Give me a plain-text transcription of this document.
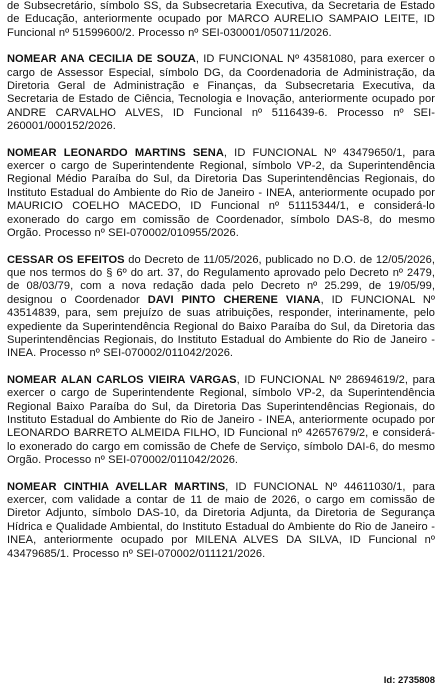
de Subsecretário, símbolo SS, da Subsecretaria Executiva, da Secretaria de Estado de Educação, anteriormente ocupado por MARCO AURELIO SAMPAIO LEITE, ID Funcional nº 51599600/2. Processo nº SEI-030001/050711/2026.

NOMEAR ANA CECILIA DE SOUZA, ID FUNCIONAL Nº 43581080, para exercer o cargo de Assessor Especial, símbolo DG, da Coordenadoria de Administração, da Diretoria Geral de Administração e Finanças, da Subsecretaria Executiva, da Secretaria de Estado de Ciência, Tecnologia e Inovação, anteriormente ocupado por ANDRE CARVALHO ALVES, ID Funcional nº 5116439-6. Processo nº SEI-260001/000152/2026.

NOMEAR LEONARDO MARTINS SENA, ID FUNCIONAL Nº 43479650/1, para exercer o cargo de Superintendente Regional, símbolo VP-2, da Superintendência Regional Médio Paraíba do Sul, da Diretoria Das Superintendências Regionais, do Instituto Estadual do Ambiente do Rio de Janeiro - INEA, anteriormente ocupado por MAURICIO COELHO MACEDO, ID Funcional nº 51115344/1, e considerá-lo exonerado do cargo em comissão de Coordenador, símbolo DAS-8, do mesmo Orgão. Processo nº SEI-070002/010955/2026.

CESSAR OS EFEITOS do Decreto de 11/05/2026, publicado no D.O. de 12/05/2026, que nos termos do § 6º do art. 37, do Regulamento aprovado pelo Decreto nº 2479, de 08/03/79, com a nova redação dada pelo Decreto nº 25.299, de 19/05/99, designou o Coordenador DAVI PINTO CHERENE VIANA, ID FUNCIONAL Nº 43514839, para, sem prejuízo de suas atribuições, responder, interinamente, pelo expediente da Superintendência Regional do Baixo Paraíba do Sul, da Diretoria das Superintendências Regionais, do Instituto Estadual do Ambiente do Rio de Janeiro - INEA. Processo nº SEI-070002/011042/2026.

NOMEAR ALAN CARLOS VIEIRA VARGAS, ID FUNCIONAL Nº 28694619/2, para exercer o cargo de Superintendente Regional, símbolo VP-2, da Superintendência Regional Baixo Paraíba do Sul, da Diretoria Das Superintendências Regionais, do Instituto Estadual do Ambiente do Rio de Janeiro - INEA, anteriormente ocupado por LEONARDO BARRETO ALMEIDA FILHO, ID Funcional nº 42657679/2, e considerá-lo exonerado do cargo em comissão de Chefe de Serviço, símbolo DAI-6, do mesmo Orgão. Processo nº SEI-070002/011042/2026.

NOMEAR CINTHIA AVELLAR MARTINS, ID FUNCIONAL Nº 44611030/1, para exercer, com validade a contar de 11 de maio de 2026, o cargo em comissão de Diretor Adjunto, símbolo DAS-10, da Diretoria Adjunta, da Diretoria de Segurança Hídrica e Qualidade Ambiental, do Instituto Estadual do Ambiente do Rio de Janeiro - INEA, anteriormente ocupado por MILENA ALVES DA SILVA, ID Funcional nº 43479685/1. Processo nº SEI-070002/011121/2026.

Id: 2735808
